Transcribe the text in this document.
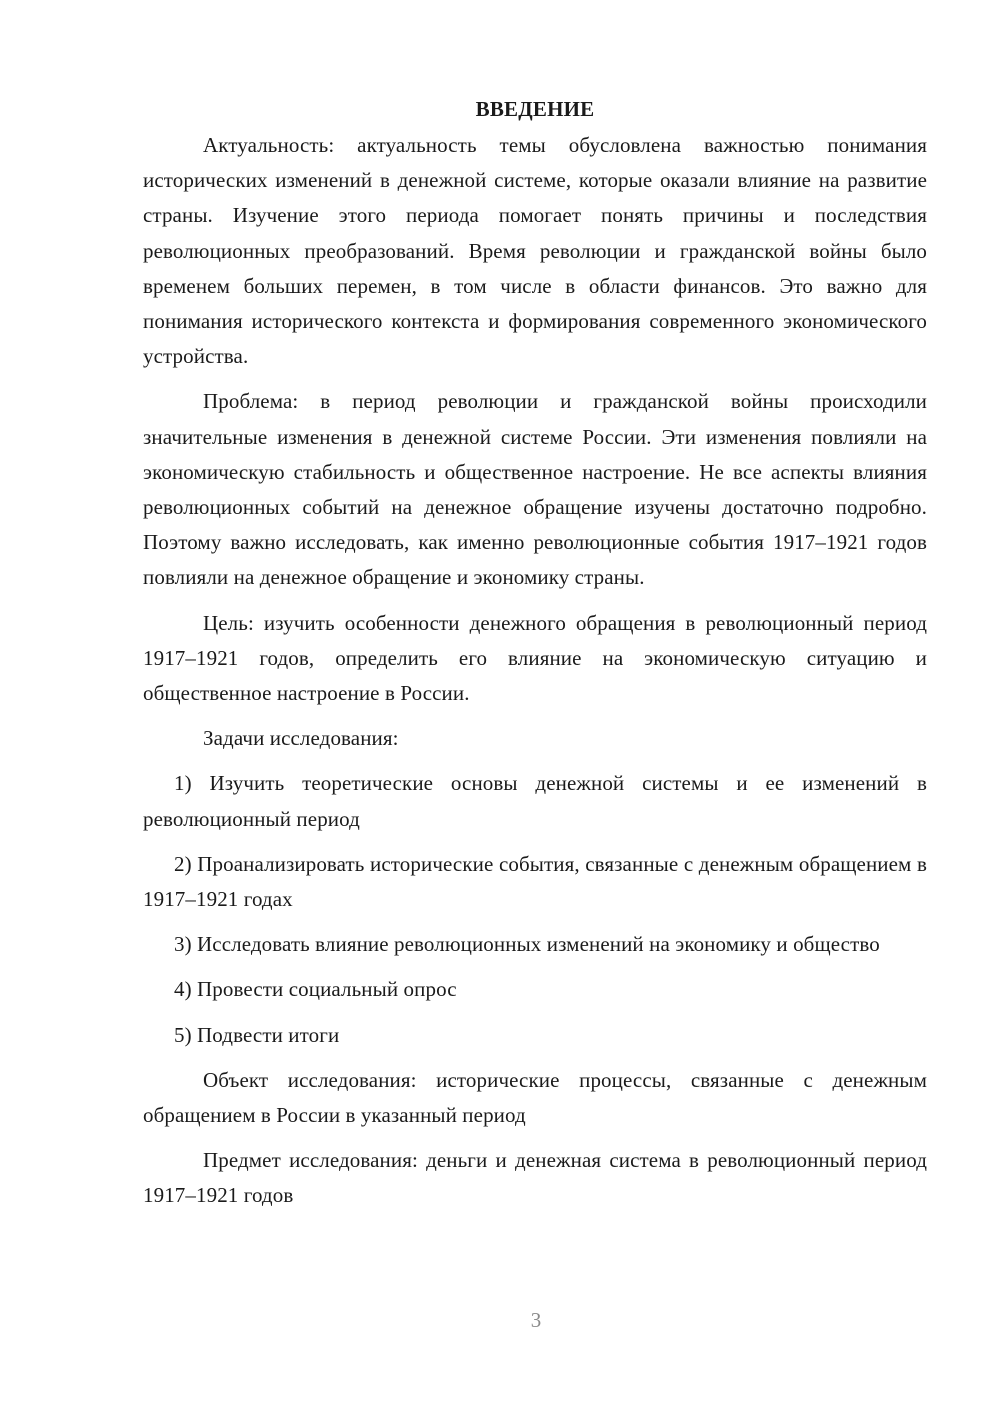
ВВЕДЕНИЕ

Актуальность: актуальность темы обусловлена важностью понимания исторических изменений в денежной системе, которые оказали влияние на развитие страны. Изучение этого периода помогает понять причины и последствия революционных преобразований. Время революции и гражданской войны было временем больших перемен, в том числе в области финансов. Это важно для понимания исторического контекста и формирования современного экономического устройства.

Проблема: в период революции и гражданской войны происходили значительные изменения в денежной системе России. Эти изменения повлияли на экономическую стабильность и общественное настроение. Не все аспекты влияния революционных событий на денежное обращение изучены достаточно подробно. Поэтому важно исследовать, как именно революционные события 1917–1921 годов повлияли на денежное обращение и экономику страны.

Цель: изучить особенности денежного обращения в революционный период 1917–1921 годов, определить его влияние на экономическую ситуацию и общественное настроение в России.

Задачи исследования:

1) Изучить теоретические основы денежной системы и ее изменений в революционный период

2) Проанализировать исторические события, связанные с денежным обращением в 1917–1921 годах

3) Исследовать влияние революционных изменений на экономику и общество

4) Провести социальный опрос

5) Подвести итоги

Объект исследования: исторические процессы, связанные с денежным обращением в России в указанный период

Предмет исследования: деньги и денежная система в революционный период 1917–1921 годов

3
